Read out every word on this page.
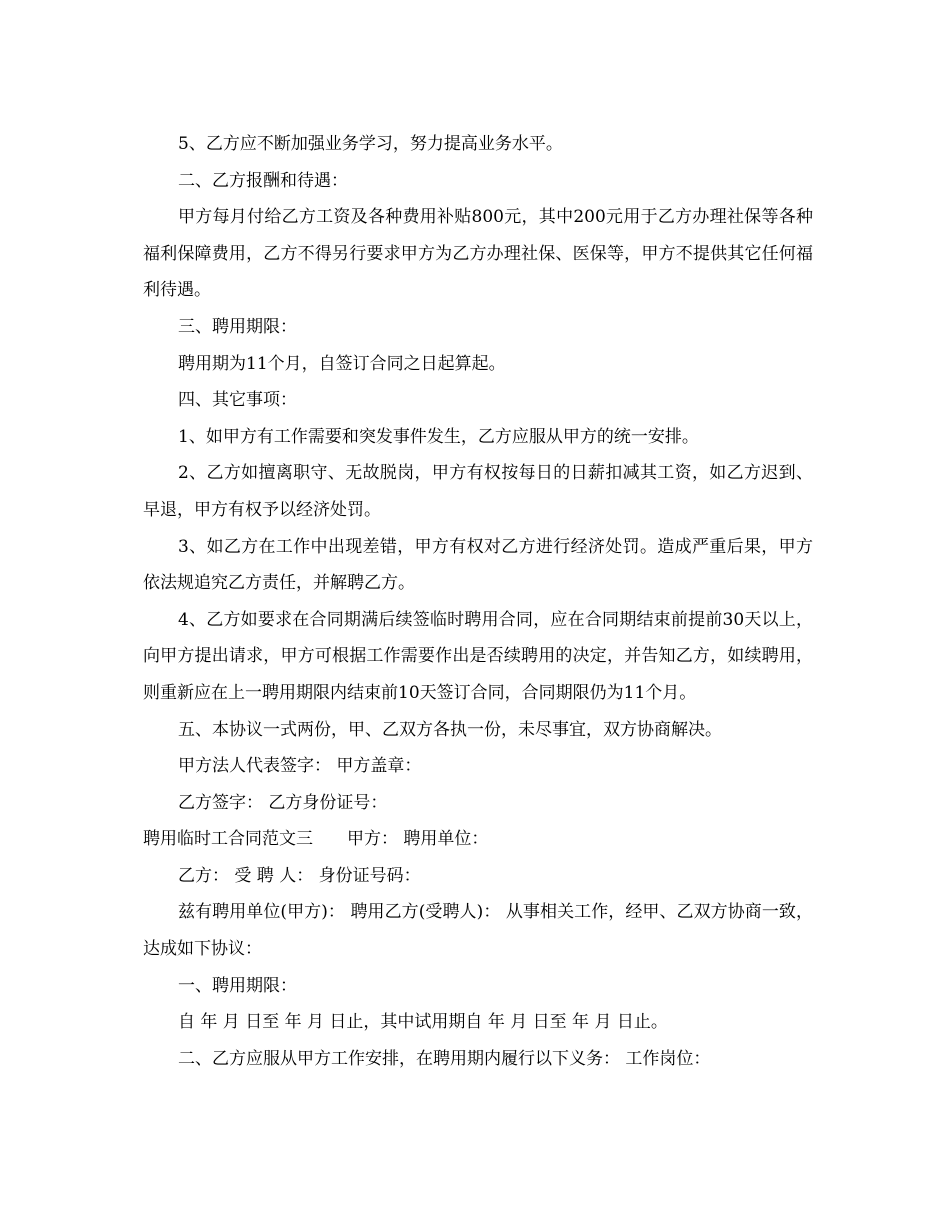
5、乙方应不断加强业务学习，努力提高业务水平。

二、乙方报酬和待遇：

甲方每月付给乙方工资及各种费用补贴800元，其中200元用于乙方办理社保等各种福利保障费用，乙方不得另行要求甲方为乙方办理社保、医保等，甲方不提供其它任何福利待遇。

三、聘用期限：

聘用期为11个月，自签订合同之日起算起。

四、其它事项：

1、如甲方有工作需要和突发事件发生，乙方应服从甲方的统一安排。

2、乙方如擅离职守、无故脱岗，甲方有权按每日的日薪扣减其工资，如乙方迟到、早退，甲方有权予以经济处罚。

3、如乙方在工作中出现差错，甲方有权对乙方进行经济处罚。造成严重后果，甲方依法规追究乙方责任，并解聘乙方。

4、乙方如要求在合同期满后续签临时聘用合同，应在合同期结束前提前30天以上，向甲方提出请求，甲方可根据工作需要作出是否续聘用的决定，并告知乙方，如续聘用，则重新应在上一聘用期限内结束前10天签订合同，合同期限仍为11个月。

五、本协议一式两份，甲、乙双方各执一份，未尽事宜，双方协商解决。

甲方法人代表签字： 甲方盖章：

乙方签字： 乙方身份证号：

聘用临时工合同范文三　　甲方： 聘用单位：

乙方： 受 聘 人： 身份证号码：

兹有聘用单位(甲方)： 聘用乙方(受聘人)： 从事相关工作，经甲、乙双方协商一致，达成如下协议：

一、聘用期限：

自 年 月 日至 年 月 日止，其中试用期自 年 月 日至 年 月 日止。

二、乙方应服从甲方工作安排，在聘用期内履行以下义务： 工作岗位：
